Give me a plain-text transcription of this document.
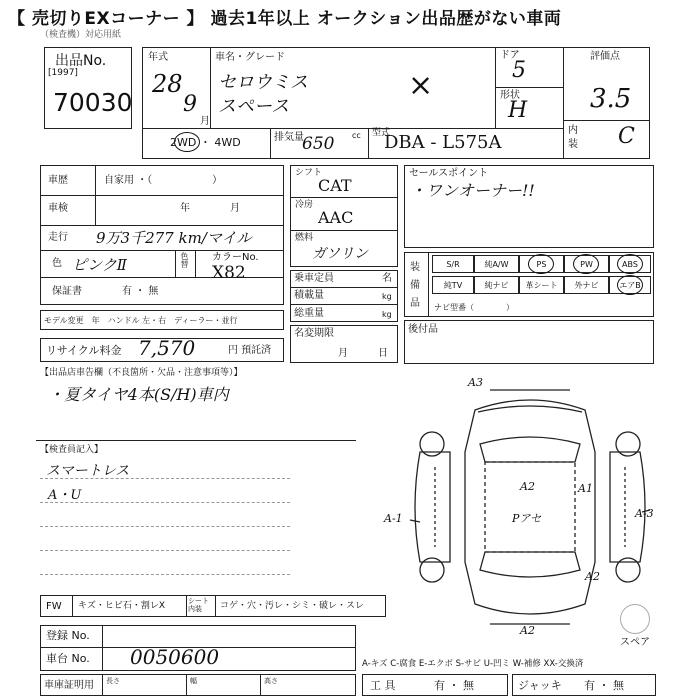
【 売切りEXコーナー 】 過去1年以上 オークション出品歴がない車両
（検査機）対応用紙
出品No.
[1997]
70030
年式
28
9
月
車名・グレード
セロウミス
スペース
×
ドア
5
形状
H
評価点
3.5
内
装 C
2WD ・ 4WD	排気量
650 cc 型式
DBA - L575A
車歴	自家用 ・（　　　　　　）
車検	年　　　　月
走行 9万3千277 km/マイル
色 ピンクⅡ	色替 カラーNo.
X82
保証書	有 ・ 無
シフト
CAT
冷房
AAC
燃料
ガソリン
乗車定員	名
積載量	kg
総重量	kg
セールスポイント
・ワンオーナー!!
装
備
品
S/R	純A/W	PS	PW	ABS
純TV	純ナビ	革シート	外ナビ	エアB
ナビ型番（　　　　）
モデル変更　年　ハンドル 左・右　ディーラー・並行
名変期限
月　　　日
後付品
リサイクル料金 7,570	円 預託済
【出品店車告欄（不良箇所・欠品・注意事項等）】
・夏タイヤ4本(S/H)車内
【検査員記入】
スマートレス
A・U
A3
A2	A1
A-1	A-3
A2
A2
Pアセ
スペア
FW キズ・ヒビ石・割レX	シート内装	コゲ・穴・汚レ・シミ・破レ・スレ
登録 No.
車台 No. 0050600	A-キズ C-腐食 E-エクボ S-サビ U-凹ミ W-補修 XX-交換済
車庫証明用 長さ	幅	高さ	工 具	有 ・ 無	ジャッキ 有 ・ 無
